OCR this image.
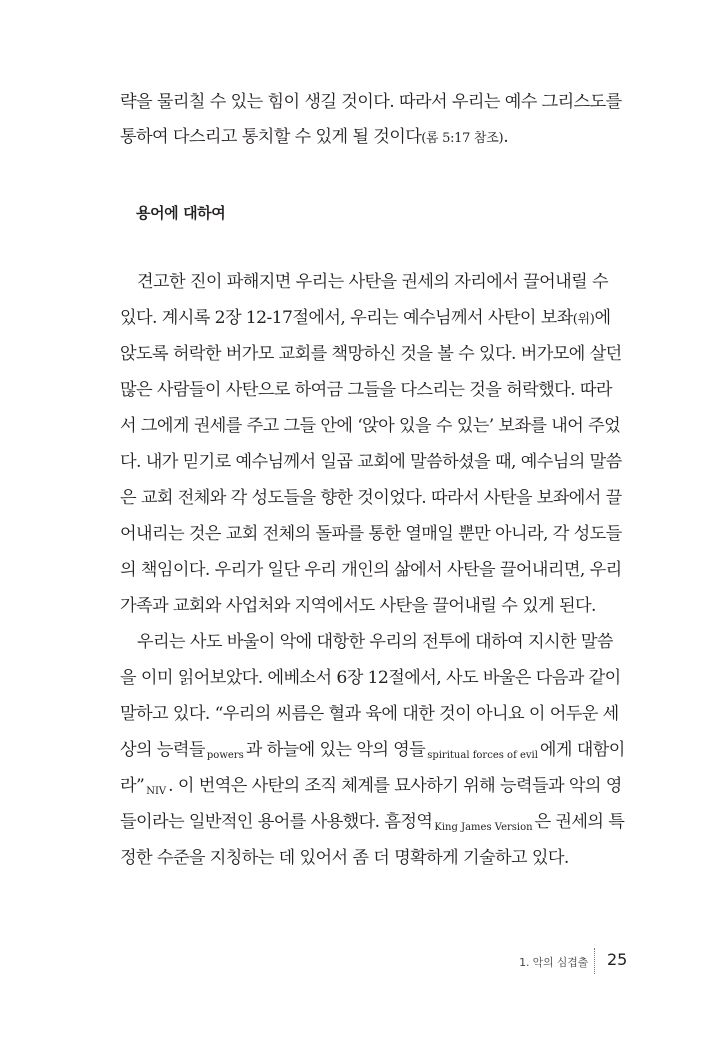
략을 물리칠 수 있는 힘이 생길 것이다. 따라서 우리는 예수 그리스도를
통하여 다스리고 통치할 수 있게 될 것이다(롬 5:17 참조).
용어에 대하여
견고한 진이 파해지면 우리는 사탄을 권세의 자리에서 끌어내릴 수
있다. 계시록 2장 12-17절에서, 우리는 예수님께서 사탄이 보좌(위)에
앉도록 허락한 버가모 교회를 책망하신 것을 볼 수 있다. 버가모에 살던
많은 사람들이 사탄으로 하여금 그들을 다스리는 것을 허락했다. 따라
서 그에게 권세를 주고 그들 안에 ‘앉아 있을 수 있는’ 보좌를 내어 주었
다. 내가 믿기로 예수님께서 일곱 교회에 말씀하셨을 때, 예수님의 말씀
은 교회 전체와 각 성도들을 향한 것이었다. 따라서 사탄을 보좌에서 끌
어내리는 것은 교회 전체의 돌파를 통한 열매일 뿐만 아니라, 각 성도들
의 책임이다. 우리가 일단 우리 개인의 삶에서 사탄을 끌어내리면, 우리
가족과 교회와 사업처와 지역에서도 사탄을 끌어내릴 수 있게 된다.
우리는 사도 바울이 악에 대항한 우리의 전투에 대하여 지시한 말씀
을 이미 읽어보았다. 에베소서 6장 12절에서, 사도 바울은 다음과 같이
말하고 있다. “우리의 씨름은 혈과 육에 대한 것이 아니요 이 어두운 세
상의 능력들 $_{powers}$ 과 하늘에 있는 악의 영들 $_{spiritual forces of evil}$ 에게 대함이
라” $_{NIV}$ . 이 번역은 사탄의 조직 체계를 묘사하기 위해 능력들과 악의 영
들이라는 일반적인 용어를 사용했다. 흠정역 $_{King James Version}$ 은 권세의 특
정한 수준을 지칭하는 데 있어서 좀 더 명확하게 기술하고 있다.
1. 악의 심겹출 25
